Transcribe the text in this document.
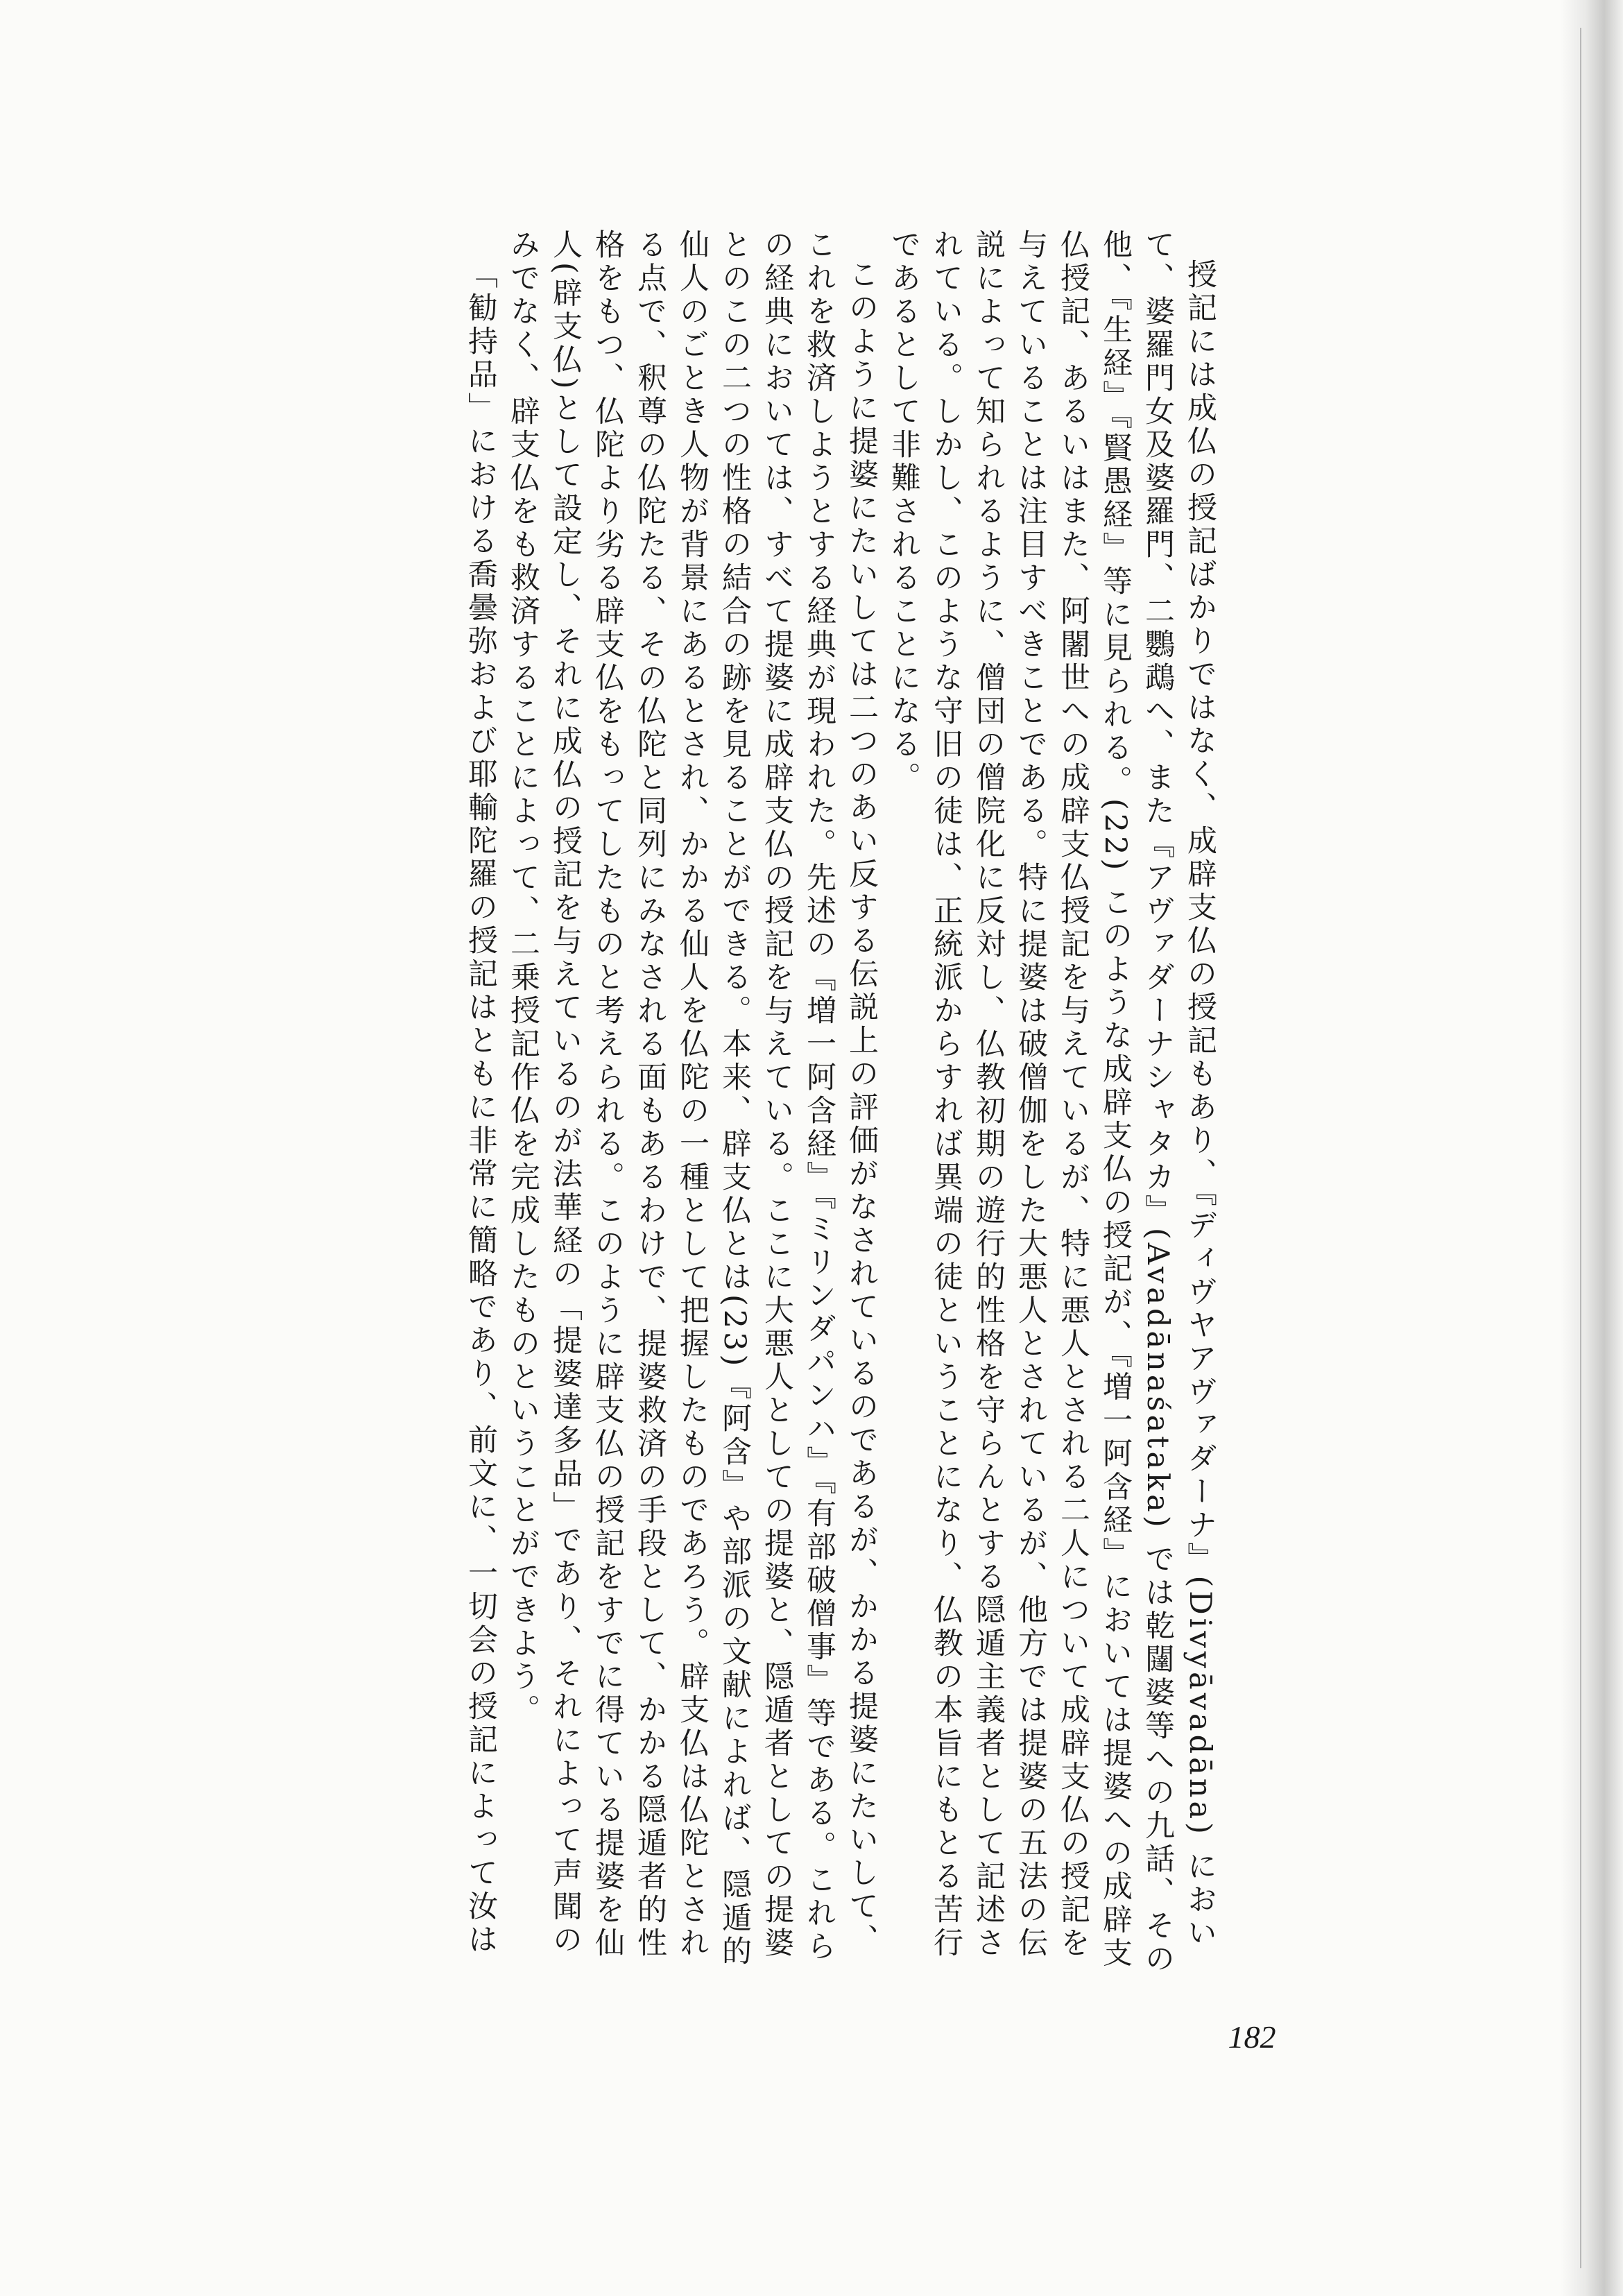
授記には成仏の授記ばかりではなく、成辟支仏の授記もあり、『ディヴヤアヴァダーナ』(Divyāvadāna) において、婆羅門女及婆羅門、二鸚鵡へ、また『アヴァダーナシャタカ』(Avadānaśataka) では乾闥婆等への九話、その他、『生経』『賢愚経』等に見られる。(22) このような成辟支仏の授記が、『増一阿含経』においては提婆への成辟支仏授記、あるいはまた、阿闍世への成辟支仏授記を与えているが、特に悪人とされる二人について成辟支仏の授記を与えていることは注目すべきことである。特に提婆は破僧伽をした大悪人とされているが、他方では提婆の五法の伝説によって知られるように、僧団の僧院化に反対し、仏教初期の遊行的性格を守らんとする隠遁主義者として記述されている。しかし、このような守旧の徒は、正統派からすれば異端の徒ということになり、仏教の本旨にもとる苦行であるとして非難されることになる。

このように提婆にたいしては二つのあい反する伝説上の評価がなされているのであるが、かかる提婆にたいして、これを救済しようとする経典が現われた。先述の『増一阿含経』『ミリンダパンハ』『有部破僧事』等である。これらの経典においては、すべて提婆に成辟支仏の授記を与えている。ここに大悪人としての提婆と、隠遁者としての提婆とのこの二つの性格の結合の跡を見ることができる。本来、辟支仏とは(23)『阿含』や部派の文献によれば、隠遁的仙人のごとき人物が背景にあるとされ、かかる仙人を仏陀の一種として把握したものであろう。辟支仏は仏陀とされる点で、釈尊の仏陀たる、その仏陀と同列にみなされる面もあるわけで、提婆救済の手段として、かかる隠遁者的性格をもつ、仏陀より劣る辟支仏をもってしたものと考えられる。このように辟支仏の授記をすでに得ている提婆を仙人(辟支仏)として設定し、それに成仏の授記を与えているのが法華経の「提婆達多品」であり、それによって声聞のみでなく、辟支仏をも救済することによって、二乗授記作仏を完成したものということができよう。

「勧持品」における喬曇弥および耶輸陀羅の授記はともに非常に簡略であり、前文に、一切会の授記によって汝は

182
